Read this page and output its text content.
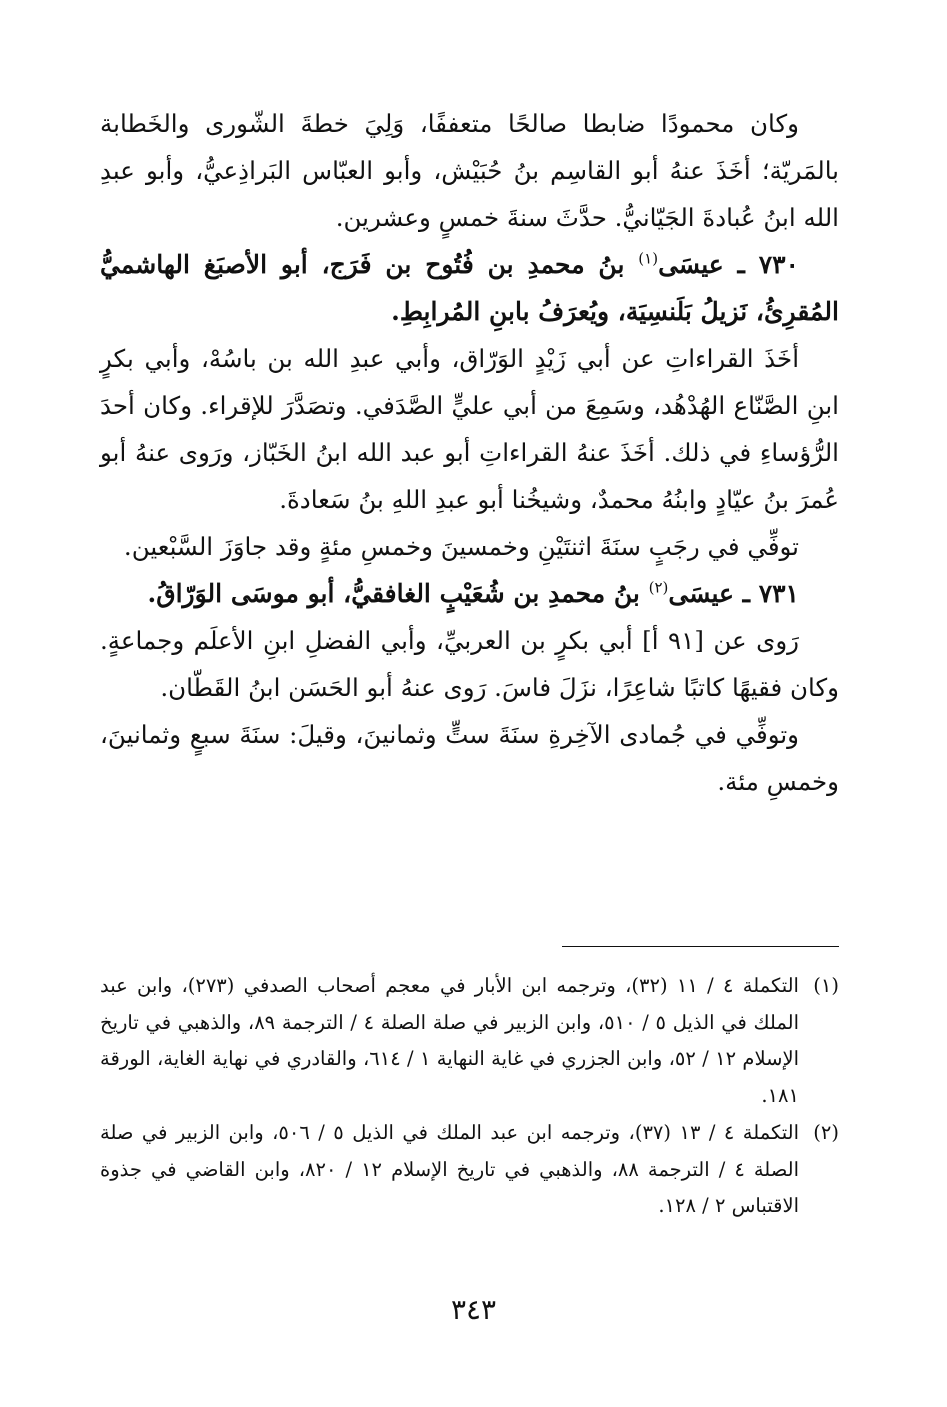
وكان محمودًا ضابطا صالحًا متعففًا، وَلِيَ خطةَ الشّورى والخَطابة بالمَريّة؛ أخَذَ عنهُ أبو القاسِم بنُ حُبَيْش، وأبو العبّاس البَراذِعيُّ، وأبو عبدِ الله ابنُ عُبادةَ الجَيّانيُّ. حدَّثَ سنةَ خمسٍ وعشرين.

٧٣٠ ـ عيسَى$^{(١)}$ بنُ محمدِ بن فُتُوح بن فَرَج، أبو الأصبَغ الهاشميُّ المُقرِئُ، نَزيلُ بَلَنسِيَة، ويُعرَفُ بابنِ المُرابِطِ.

أخَذَ القراءاتِ عن أبي زَيْدٍ الوَرّاق، وأبي عبدِ الله بن باسُهْ، وأبي بكرٍ ابنِ الصَّنّاع الهُدْهُد، وسَمِعَ من أبي عليٍّ الصَّدَفي. وتصَدَّرَ للإقراء. وكان أحدَ الرُّؤساءِ في ذلك. أخَذَ عنهُ القراءاتِ أبو عبد الله ابنُ الخَبّاز، ورَوى عنهُ أبو عُمرَ بنُ عيّادٍ وابنُهُ محمدٌ، وشيخُنا أبو عبدِ اللهِ بنُ سَعادةَ.

توفِّي في رجَبٍ سنَةَ اثنتَيْنِ وخمسينَ وخمسِ مئةٍ وقد جاوَزَ السَّبْعين.

٧٣١ ـ عيسَى$^{(٢)}$ بنُ محمدِ بن شُعَيْبٍ الغافقيُّ، أبو موسَى الوَرّاقُ.

رَوى عن [٩١ أ] أبي بكرٍ بن العربيِّ، وأبي الفضلِ ابنِ الأعلَم وجماعةٍ. وكان فقيهًا كاتبًا شاعِرًا، نزَلَ فاسَ. رَوى عنهُ أبو الحَسَن ابنُ القَطّان.

وتوفِّي في جُمادى الآخِرةِ سنَةَ ستٍّ وثمانينَ، وقيلَ: سنَةَ سبعٍ وثمانينَ، وخمسِ مئة.

(١)
التكملة ٤ / ١١ (٣٢)، وترجمه ابن الأبار في معجم أصحاب الصدفي (٢٧٣)، وابن عبد الملك في الذيل ٥ / ٥١٠، وابن الزبير في صلة الصلة ٤ / الترجمة ٨٩، والذهبي في تاريخ الإسلام ١٢ / ٥٢، وابن الجزري في غاية النهاية ١ / ٦١٤، والقادري في نهاية الغاية، الورقة ١٨١.
(٢)
التكملة ٤ / ١٣ (٣٧)، وترجمه ابن عبد الملك في الذيل ٥ / ٥٠٦، وابن الزبير في صلة الصلة ٤ / الترجمة ٨٨، والذهبي في تاريخ الإسلام ١٢ / ٨٢٠، وابن القاضي في جذوة الاقتباس ٢ / ١٢٨.
٣٤٣
